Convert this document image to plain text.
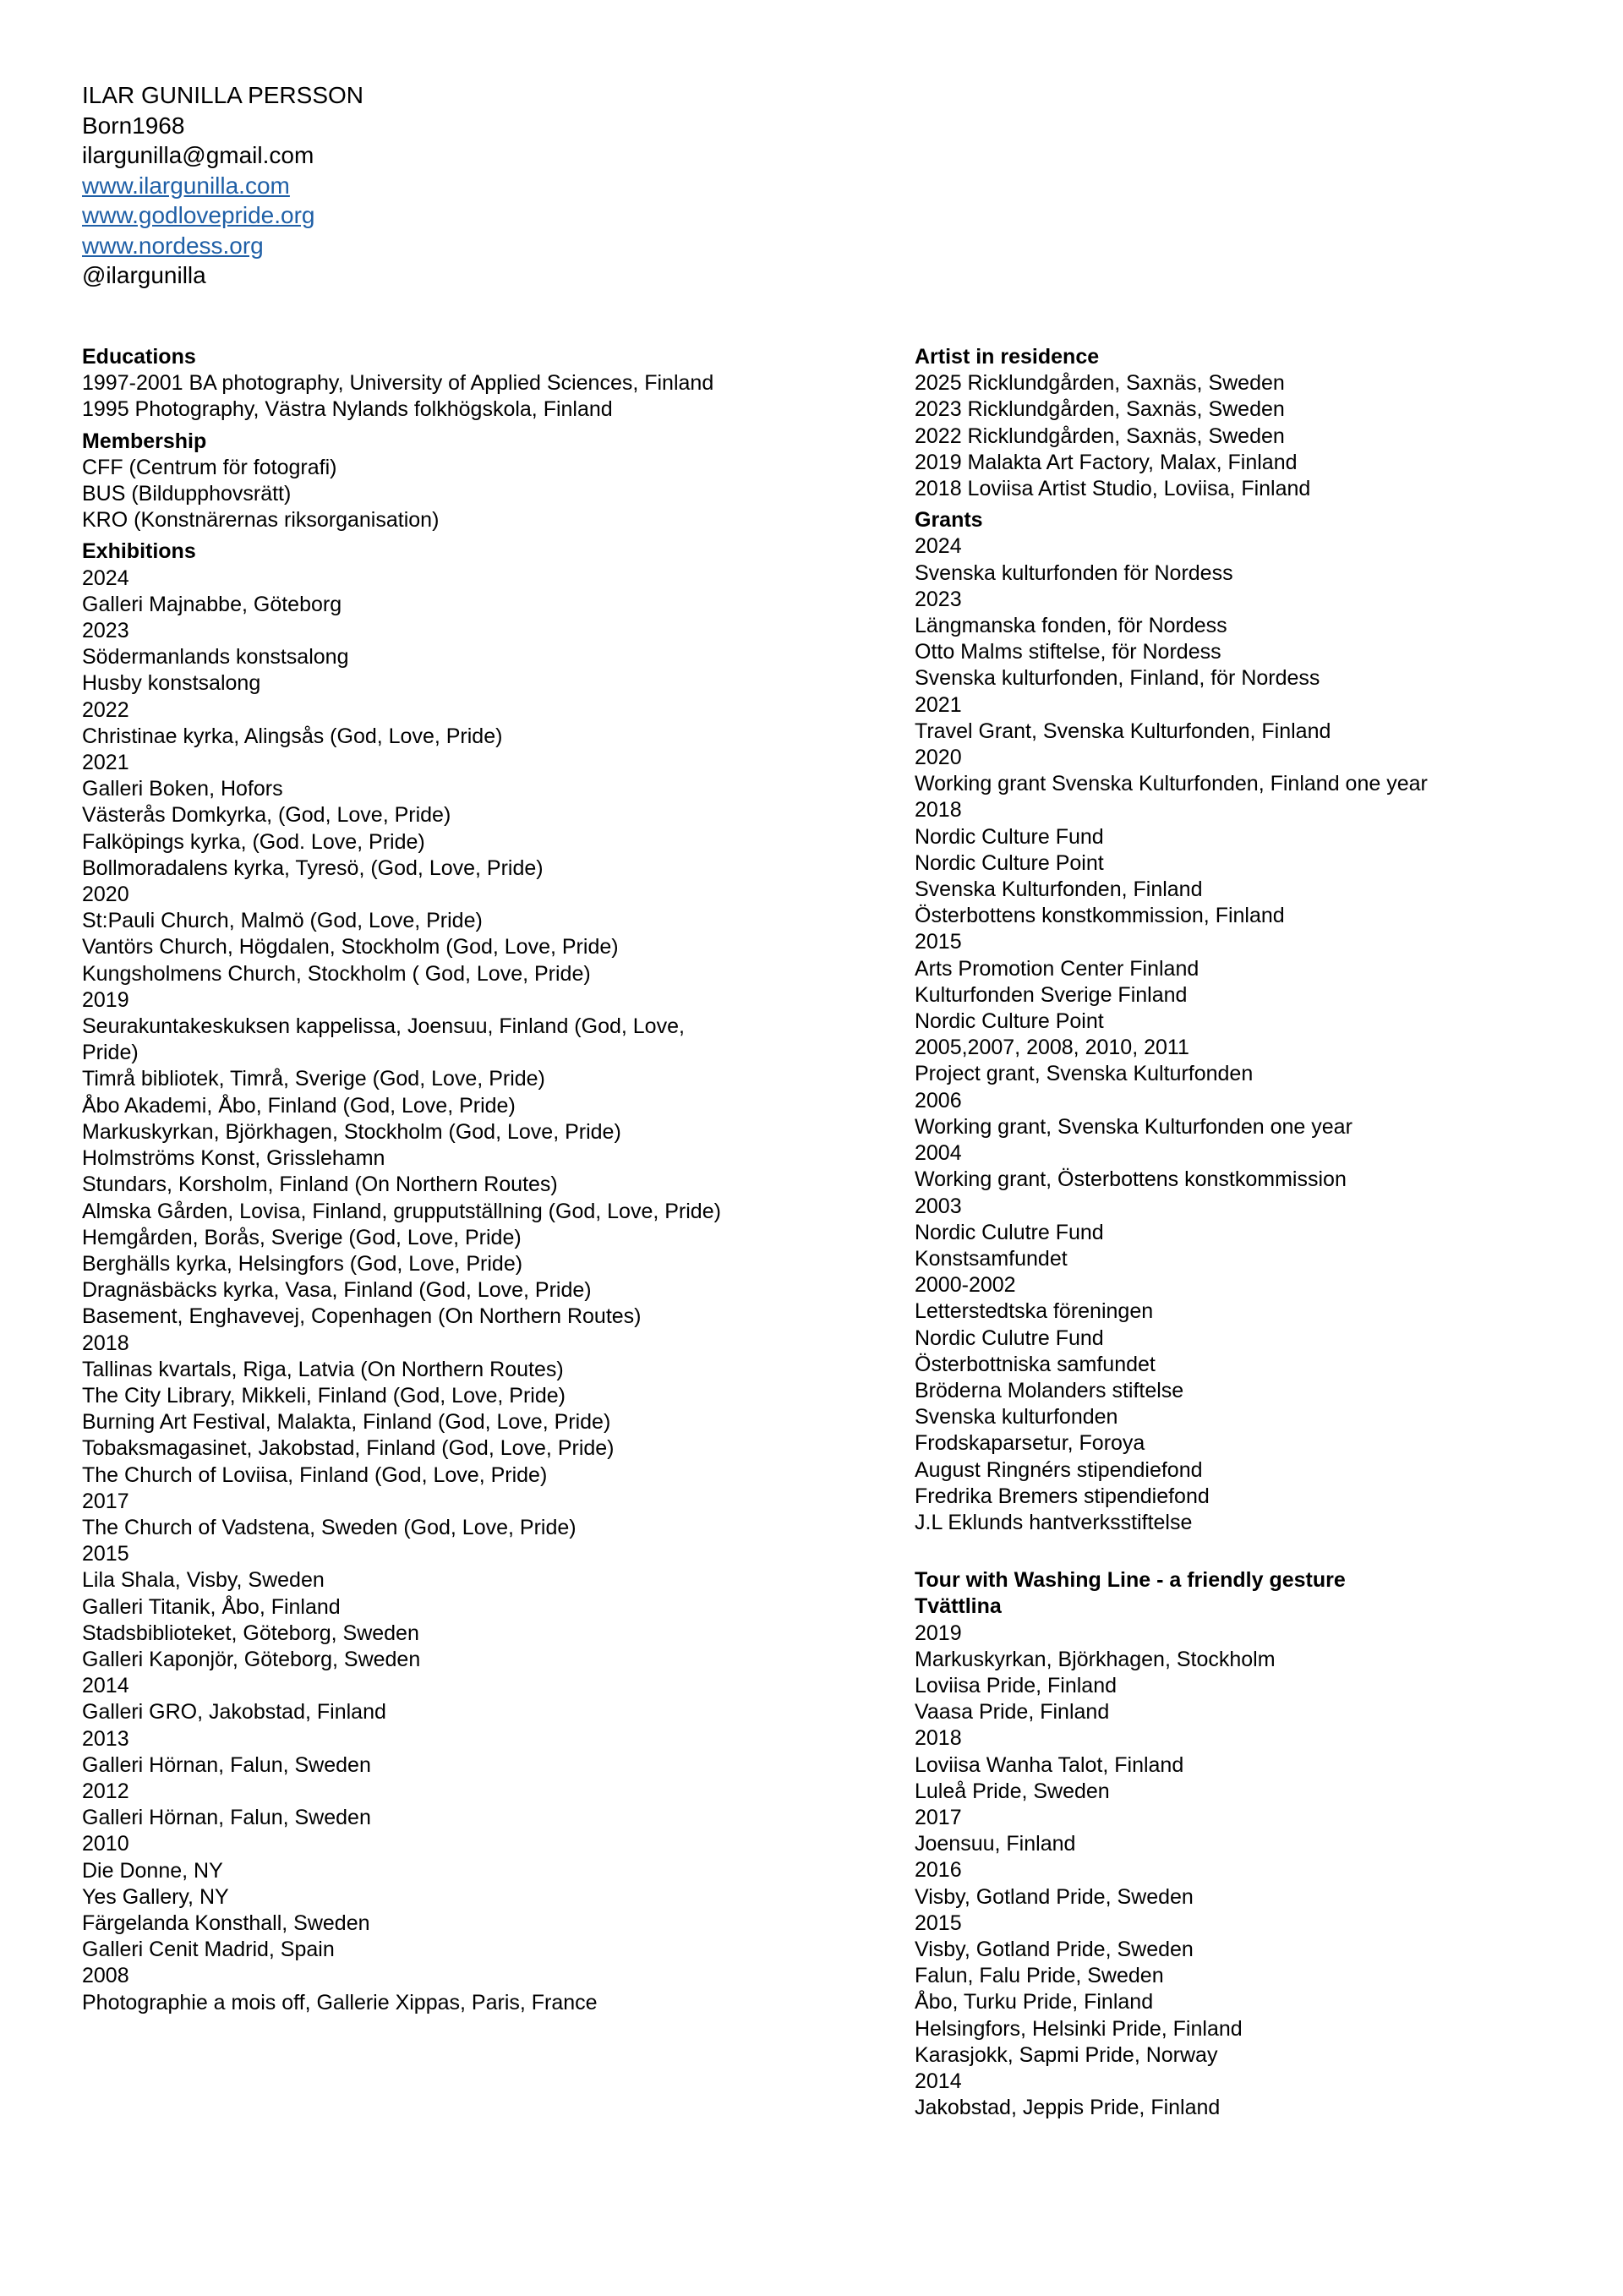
ILAR GUNILLA PERSSON
Born1968
ilargunilla@gmail.com
www.ilargunilla.com
www.godlovepride.org
www.nordess.org
@ilargunilla
Educations
1997-2001 BA photography, University of Applied Sciences, Finland
1995 Photography, Västra Nylands folkhögskola, Finland
Membership
CFF (Centrum för fotografi)
BUS (Bildupphovsrätt)
KRO (Konstnärernas riksorganisation)
Exhibitions
2024
Galleri Majnabbe, Göteborg
2023
Södermanlands konstsalong
Husby konstsalong
2022
Christinae kyrka, Alingsås (God, Love, Pride)
2021
Galleri Boken, Hofors
Västerås Domkyrka, (God, Love, Pride)
Falköpings kyrka, (God. Love, Pride)
Bollmoradalens kyrka, Tyresö, (God, Love, Pride)
2020
St:Pauli Church, Malmö (God, Love, Pride)
Vantörs Church, Högdalen, Stockholm (God, Love, Pride)
Kungsholmens Church, Stockholm ( God, Love, Pride)
2019
Seurakuntakeskuksen kappelissa, Joensuu, Finland (God, Love,
Pride)
Timrå bibliotek, Timrå, Sverige (God, Love, Pride)
Åbo Akademi, Åbo, Finland (God, Love, Pride)
Markuskyrkan, Björkhagen, Stockholm (God, Love, Pride)
Holmströms Konst, Grisslehamn
Stundars, Korsholm, Finland (On Northern Routes)
Almska Gården, Lovisa, Finland, grupputställning (God, Love, Pride)
Hemgården, Borås, Sverige (God, Love, Pride)
Berghälls kyrka, Helsingfors (God, Love, Pride)
Dragnäsbäcks kyrka, Vasa, Finland (God, Love, Pride)
Basement, Enghavevej, Copenhagen (On Northern Routes)
2018
Tallinas kvartals, Riga, Latvia (On Northern Routes)
The City Library, Mikkeli, Finland (God, Love, Pride)
Burning Art Festival, Malakta, Finland (God, Love, Pride)
Tobaksmagasinet, Jakobstad, Finland (God, Love, Pride)
The Church of Loviisa, Finland (God, Love, Pride)
2017
The Church of Vadstena, Sweden (God, Love, Pride)
2015
Lila Shala, Visby, Sweden
Galleri Titanik, Åbo, Finland
Stadsbiblioteket, Göteborg, Sweden
Galleri Kaponjör, Göteborg, Sweden
2014
Galleri GRO, Jakobstad, Finland
2013
Galleri Hörnan, Falun, Sweden
2012
Galleri Hörnan, Falun, Sweden
2010
Die Donne, NY
Yes Gallery, NY
Färgelanda Konsthall, Sweden
Galleri Cenit Madrid, Spain
2008
Photographie a mois off, Gallerie Xippas, Paris, France
Artist in residence
2025 Ricklundgården, Saxnäs, Sweden
2023 Ricklundgården, Saxnäs, Sweden
2022 Ricklundgården, Saxnäs, Sweden
2019 Malakta Art Factory, Malax, Finland
2018 Loviisa Artist Studio, Loviisa, Finland
Grants
2024
Svenska kulturfonden för Nordess
2023
Längmanska fonden, för Nordess
Otto Malms stiftelse, för Nordess
Svenska kulturfonden, Finland, för Nordess
2021
Travel Grant, Svenska Kulturfonden, Finland
2020
Working grant Svenska Kulturfonden, Finland one year
2018
Nordic Culture Fund
Nordic Culture Point
Svenska Kulturfonden, Finland
Österbottens konstkommission, Finland
2015
Arts Promotion Center Finland
Kulturfonden Sverige Finland
Nordic Culture Point
2005,2007, 2008, 2010, 2011
Project grant, Svenska Kulturfonden
2006
Working grant, Svenska Kulturfonden one year
2004
Working grant, Österbottens konstkommission
2003
Nordic Culutre Fund
Konstsamfundet
2000-2002
Letterstedtska föreningen
Nordic Culutre Fund
Österbottniska samfundet
Bröderna Molanders stiftelse
Svenska kulturfonden
Frodskaparsetur, Foroya
August Ringnérs stipendiefond
Fredrika Bremers stipendiefond
J.L Eklunds hantverksstiftelse
Tour with Washing Line - a friendly gesture
Tvättlina
2019
Markuskyrkan, Björkhagen, Stockholm
Loviisa Pride, Finland
Vaasa Pride, Finland
2018
Loviisa Wanha Talot, Finland
Luleå Pride, Sweden
2017
Joensuu, Finland
2016
Visby, Gotland Pride, Sweden
2015
Visby, Gotland Pride, Sweden
Falun, Falu Pride, Sweden
Åbo, Turku Pride, Finland
Helsingfors, Helsinki Pride, Finland
Karasjokk, Sapmi Pride, Norway
2014
Jakobstad, Jeppis Pride, Finland
